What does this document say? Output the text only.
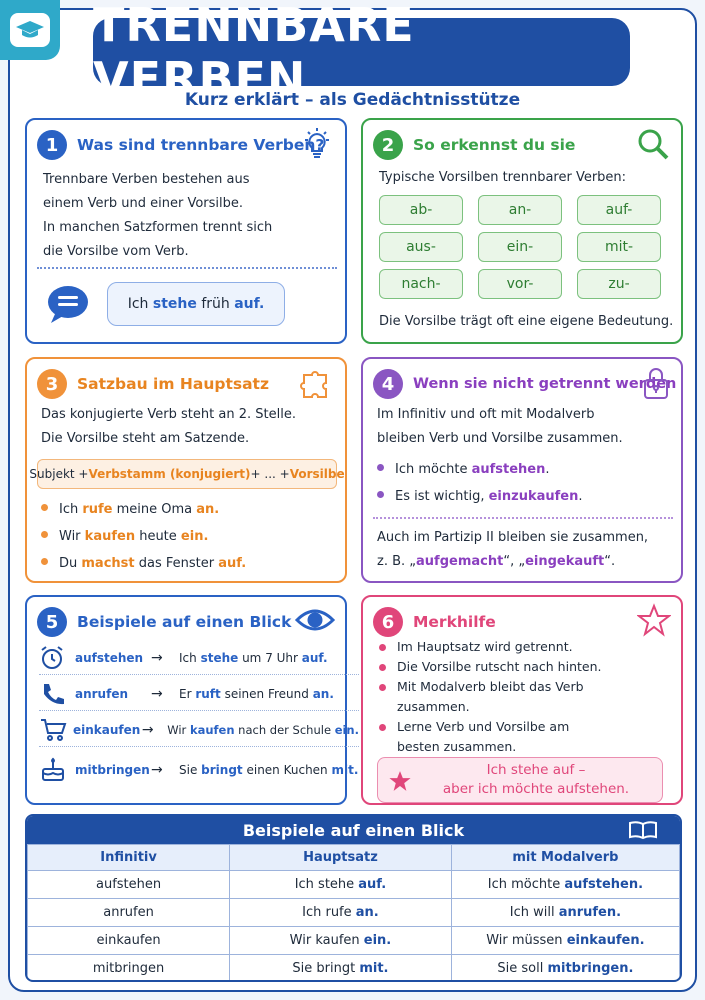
TRENNBARE VERBEN
Kurz erklärt – als Gedächtnisstütze
1	Was sind trennbare Verben?
Trennbare Verben bestehen aus
einem Verb und einer Vorsilbe.
In manchen Satzformen trennt sich
die Vorsilbe vom Verb.
Ich
stehe
früh
auf.
2	So erkennst du sie
Typische Vorsilben trennbarer Verben:
ab-	an-	auf-
aus-	ein-	mit-
nach-	vor-	zu-
Die Vorsilbe trägt oft eine eigene Bedeutung.
3	Satzbau im Hauptsatz
Das konjugierte Verb steht an 2. Stelle.
Die Vorsilbe steht am Satzende.
Subjekt + Verbstamm (konjugiert) + ... + Vorsilbe
Ich rufe meine Oma an.
Wir kaufen heute ein.
Du machst das Fenster auf.
4	Wenn sie nicht getrennt werden
Im Infinitiv und oft mit Modalverb
bleiben Verb und Vorsilbe zusammen.
Ich möchte aufstehen.
Es ist wichtig, einzukaufen.
Auch im Partizip II bleiben sie zusammen,
z. B. „aufgemacht“, „eingekauft“.
5	Beispiele auf einen Blick
aufstehen →	Ich stehe um 7 Uhr auf.
anrufen	→	Er ruft seinen Freund an.
einkaufen →	Wir kaufen nach der Schule ein.
mitbringen →	Sie bringt einen Kuchen mit.
6	Merkhilfe
Im Hauptsatz wird getrennt.
Die Vorsilbe rutscht nach hinten.
Mit Modalverb bleibt das Verb
zusammen.
Lerne Verb und Vorsilbe am
besten zusammen.
Ich stehe auf –
aber ich möchte aufstehen.
Beispiele auf einen Blick
Infinitiv	Hauptsatz	mit Modalverb
aufstehen	Ich stehe auf.	Ich möchte aufstehen.
anrufen	Ich rufe an.	Ich will anrufen.
einkaufen	Wir kaufen ein.	Wir müssen einkaufen.
mitbringen	Sie bringt mit.	Sie soll mitbringen.
